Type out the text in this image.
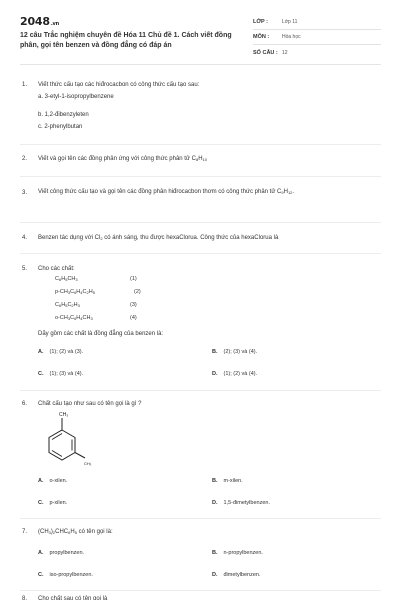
2048.vn
12 câu Trắc nghiệm chuyên đề Hóa 11 Chủ đề 1. Cách viết đồng phân, gọi tên benzen và đồng đẳng có đáp án
LỚP :	Lớp 11
MÔN :	Hóa học
SỐ CÂU : 12
1. Viết thức cấu tạo các hiđrocacbon có công thức cấu tạo sau:
a. 3-etyl-1-isopropylbenzene
b. 1,2-đibenzyleten
c. 2-phenylbutan
2. Viết và gọi tên các đồng phân ứng với công thức phân tử $C_8H_{10}$
3. Viết công thức cấu tạo và gọi tên các đồng phân hiđrocacbon thơm có công thức phân tử $C_9H_{12}$.
4. Benzen tác dụng với $Cl_2$ có ánh sáng, thu được hexaClorua. Công thức của hexaClorua là
5. Cho các chất:
$C_6H_5CH_3$	(1)
$p-CH_3C_6H_4C_2H_5$	(2)
$C_6H_5C_2H_3$	(3)
$o-CH_3C_6H_4CH_3$	(4)
Dãy gồm các chất là đồng đẳng của benzen là:
A. (1); (2) và (3).	B. (2); (3) và (4).
C. (1); (3) và (4).	D. (1); (2) và (4).
6. Chất cấu tạo như sau có tên gọi là gì ?
CH₃
CH₃
A. o-xilen.	B. m-xilen.
C. p-xilen.	D. 1,5-đimetylbenzen.
7. $(CH_3)_2CHC_6H_5$ có tên gọi là:
A. propylbenzen.	B. n-propylbenzen.
C. iso-propylbenzen.	D. đimetylbenzen.
8. Cho chất sau có tên gọi là
